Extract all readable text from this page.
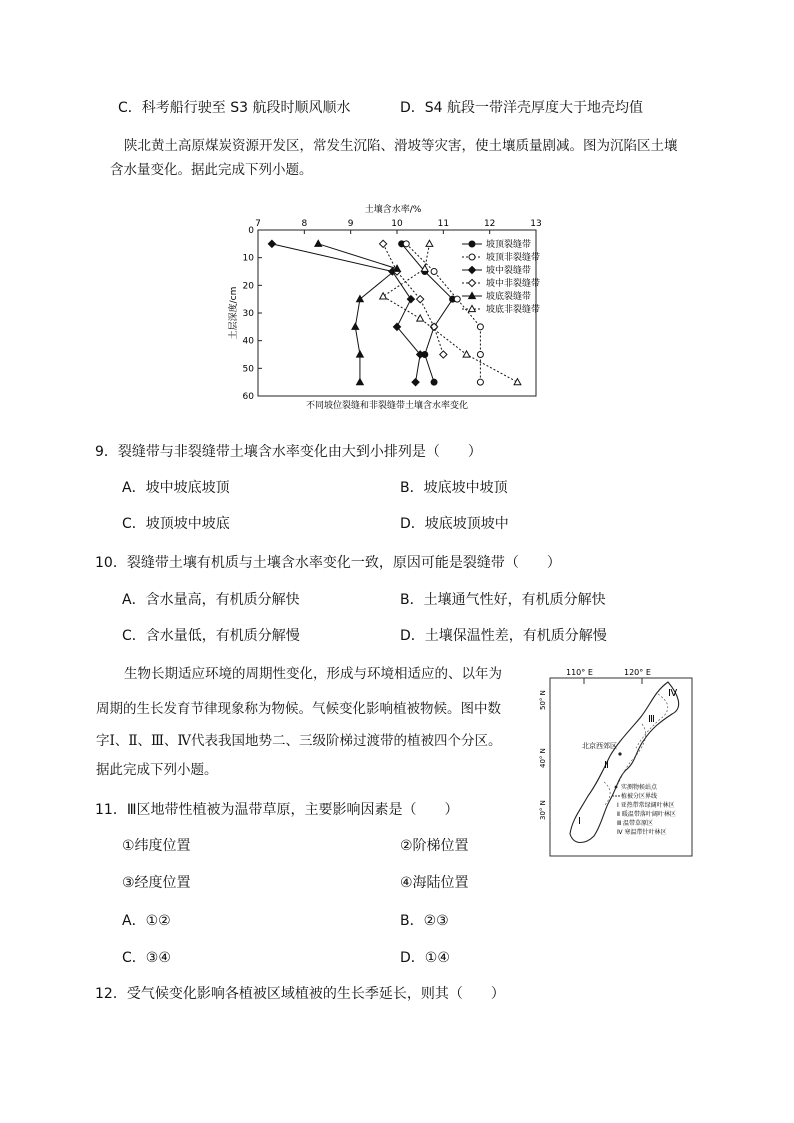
C．科考船行驶至 S3 航段时顺风顺水	D．S4 航段一带洋壳厚度大于地壳均值
陕北黄土高原煤炭资源开发区，常发生沉陷、滑坡等灾害，使土壤质量剧减。图为沉陷区土壤
含水量变化。据此完成下列小题。
土壤含水率/%
7	8	9	10	11	12	13
0
10
20
30
40
50
60
土层深度/cm
不同坡位裂缝和非裂缝带土壤含水率变化
坡顶裂缝带
坡顶非裂缝带
坡中裂缝带
坡中非裂缝带
坡底裂缝带
坡底非裂缝带
9．裂缝带与非裂缝带土壤含水率变化由大到小排列是（　　）
A．坡中坡底坡顶	B．坡底坡中坡顶
C．坡顶坡中坡底	D．坡底坡顶坡中
10．裂缝带土壤有机质与土壤含水率变化一致，原因可能是裂缝带（　　）
A．含水量高，有机质分解快	B．土壤通气性好，有机质分解快
C．含水量低，有机质分解慢	D．土壤保温性差，有机质分解慢
生物长期适应环境的周期性变化，形成与环境相适应的、以年为
周期的生长发育节律现象称为物候。气候变化影响植被物候。图中数
字Ⅰ、Ⅱ、Ⅲ、Ⅳ代表我国地势二、三级阶梯过渡带的植被四个分区。
据此完成下列小题。
110° E	120° E
50° N
40° N
30° N
Ⅳ
Ⅲ
Ⅱ
Ⅰ
北京西郊区
实测物候站点
植被分区界线
Ⅰ 亚热带常绿阔叶林区
Ⅱ 暖温带落叶阔叶林区
Ⅲ 温带草原区
Ⅳ 寒温带针叶林区
11．Ⅲ区地带性植被为温带草原，主要影响因素是（　　）
①纬度位置	②阶梯位置
③经度位置	④海陆位置
A．①②	B．②③
C．③④	D．①④
12．受气候变化影响各植被区域植被的生长季延长，则其（　　）
